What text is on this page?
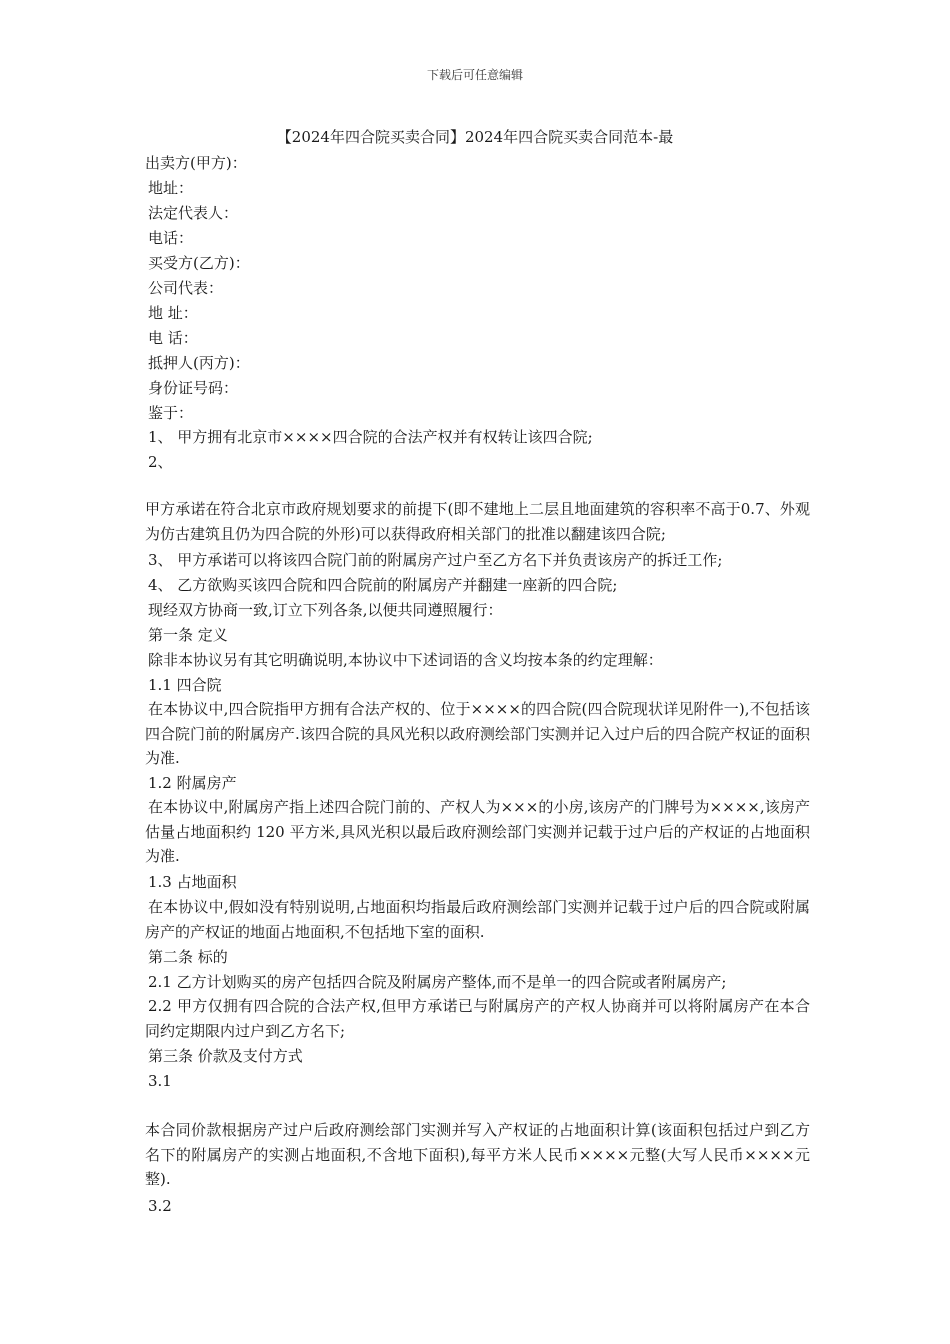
下载后可任意编辑
【2024年四合院买卖合同】2024年四合院买卖合同范本-最
出卖方(甲方)：
地址：
法定代表人：
电话：
买受方(乙方)：
公司代表：
地 址：
电 话：
抵押人(丙方)：
身份证号码：
鉴于：
1、 甲方拥有北京市××××四合院的合法产权并有权转让该四合院;
2、
甲方承诺在符合北京市政府规划要求的前提下(即不建地上二层且地面建筑的容积率不高于0.7、外观为仿古建筑且仍为四合院的外形)可以获得政府相关部门的批准以翻建该四合院;
3、 甲方承诺可以将该四合院门前的附属房产过户至乙方名下并负责该房产的拆迁工作;
4、 乙方欲购买该四合院和四合院前的附属房产并翻建一座新的四合院;
现经双方协商一致,订立下列各条,以便共同遵照履行：
第一条 定义
除非本协议另有其它明确说明,本协议中下述词语的含义均按本条的约定理解：
1.1 四合院
在本协议中,四合院指甲方拥有合法产权的、位于××××的四合院(四合院现状详见附件一),不包括该四合院门前的附属房产.该四合院的具风光积以政府测绘部门实测并记入过户后的四合院产权证的面积为准.
1.2 附属房产
在本协议中,附属房产指上述四合院门前的、产权人为×××的小房,该房产的门牌号为××××,该房产估量占地面积约 120 平方米,具风光积以最后政府测绘部门实测并记载于过户后的产权证的占地面积为准.
1.3 占地面积
在本协议中,假如没有特别说明,占地面积均指最后政府测绘部门实测并记载于过户后的四合院或附属房产的产权证的地面占地面积,不包括地下室的面积.
第二条 标的
2.1 乙方计划购买的房产包括四合院及附属房产整体,而不是单一的四合院或者附属房产;
2.2 甲方仅拥有四合院的合法产权,但甲方承诺已与附属房产的产权人协商并可以将附属房产在本合同约定期限内过户到乙方名下;
第三条 价款及支付方式
3.1
本合同价款根据房产过户后政府测绘部门实测并写入产权证的占地面积计算(该面积包括过户到乙方名下的附属房产的实测占地面积,不含地下面积),每平方米人民币××××元整(大写人民币××××元整).
3.2
